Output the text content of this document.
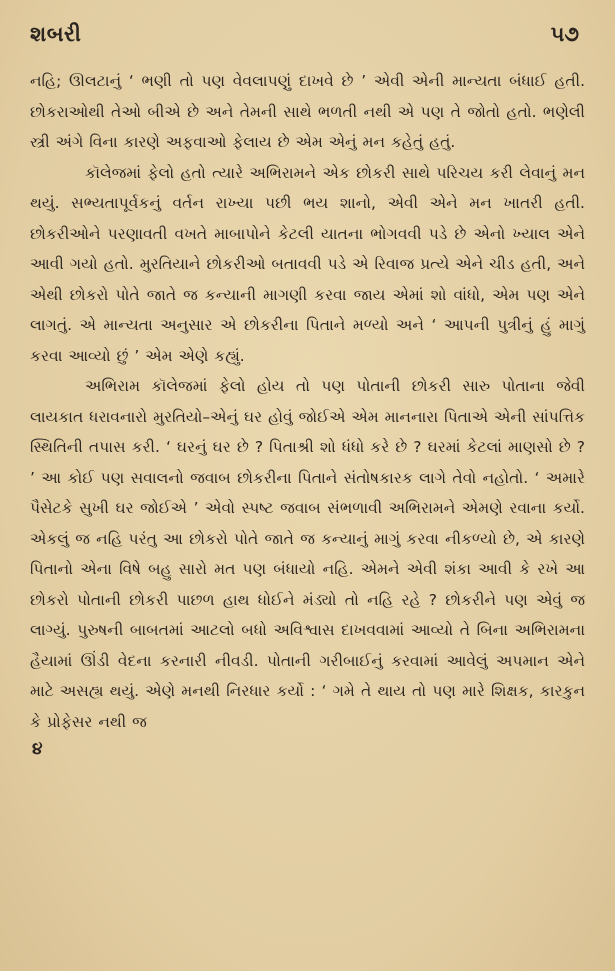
શબરી	૫૭

નહિ; ઊલટાનું ‘ ભણી તો પણ વેવલાપણું દાખવે છે ’ એવી એની માન્યતા બંધાઈ હતી. છોકરાઓથી તેઓ બીએ છે અને તેમની સાથે ભળતી નથી એ પણ તે જોતો હતો. ભણેલી સ્ત્રી અંગે વિના કારણે અફવાઓ ફેલાય છે એમ એનું મન કહેતું હતું.

કૉલેજમાં ફેલો હતો ત્યારે અભિરામને એક છોકરી સાથે પરિચય કરી લેવાનું મન થયું. સભ્યતાપૂર્વકનું વર્તન રાખ્યા પછી ભય શાનો, એવી એને મન ખાતરી હતી. છોકરીઓને પરણાવતી વખતે માબાપોને કેટલી યાતના ભોગવવી પડે છે એનો ખ્યાલ એને આવી ગયો હતો. મુરતિયાને છોકરીઓ બતાવવી પડે એ રિવાજ પ્રત્યે એને ચીડ હતી, અને એથી છોકરો પોતે જાતે જ કન્યાની માગણી કરવા જાય એમાં શો વાંધો, એમ પણ એને લાગતું. એ માન્યતા અનુસાર એ છોકરીના પિતાને મળ્યો અને ‘ આપની પુત્રીનું હું માગું કરવા આવ્યો છું ’ એમ એણે કહ્યું.

અભિરામ કૉલેજમાં ફેલો હોય તો પણ પોતાની છોકરી સારુ પોતાના જેવી લાયકાત ધરાવનારો મુરતિયો–એનું ઘર હોવું જોઈએ એમ માનનારા પિતાએ એની સાંપત્તિક સ્થિતિની તપાસ કરી. ‘ ઘરનું ઘર છે ? પિતાશ્રી શો ધંધો કરે છે ? ઘરમાં કેટલાં માણસો છે ? ’ આ કોઈ પણ સવાલનો જવાબ છોકરીના પિતાને સંતોષકારક લાગે તેવો નહોતો. ‘ અમારે પૈસેટકે સુખી ઘર જોઈએ ’ એવો સ્પષ્ટ જવાબ સંભળાવી અભિરામને એમણે રવાના કર્યો. એકલું જ નહિ પરંતુ આ છોકરો પોતે જાતે જ કન્યાનું માગું કરવા નીકળ્યો છે, એ કારણે પિતાનો એના વિષે બહુ સારો મત પણ બંધાયો નહિ. એમને એવી શંકા આવી કે રખે આ છોકરો પોતાની છોકરી પાછળ હાથ ધોઈને મંડ્યો તો નહિ રહે ? છોકરીને પણ એવું જ લાગ્યું. પુરુષની બાબતમાં આટલો બધો અવિશ્વાસ દાખવવામાં આવ્યો તે બિના અભિરામના હૈયામાં ઊંડી વેદના કરનારી નીવડી. પોતાની ગરીબાઈનું કરવામાં આવેલું અપમાન એને માટે અસહ્ય થયું. એણે મનથી નિરધાર કર્યો : ‘ ગમે તે થાય તો પણ મારે શિક્ષક, કારકુન કે પ્રોફેસર નથી જ

૪
